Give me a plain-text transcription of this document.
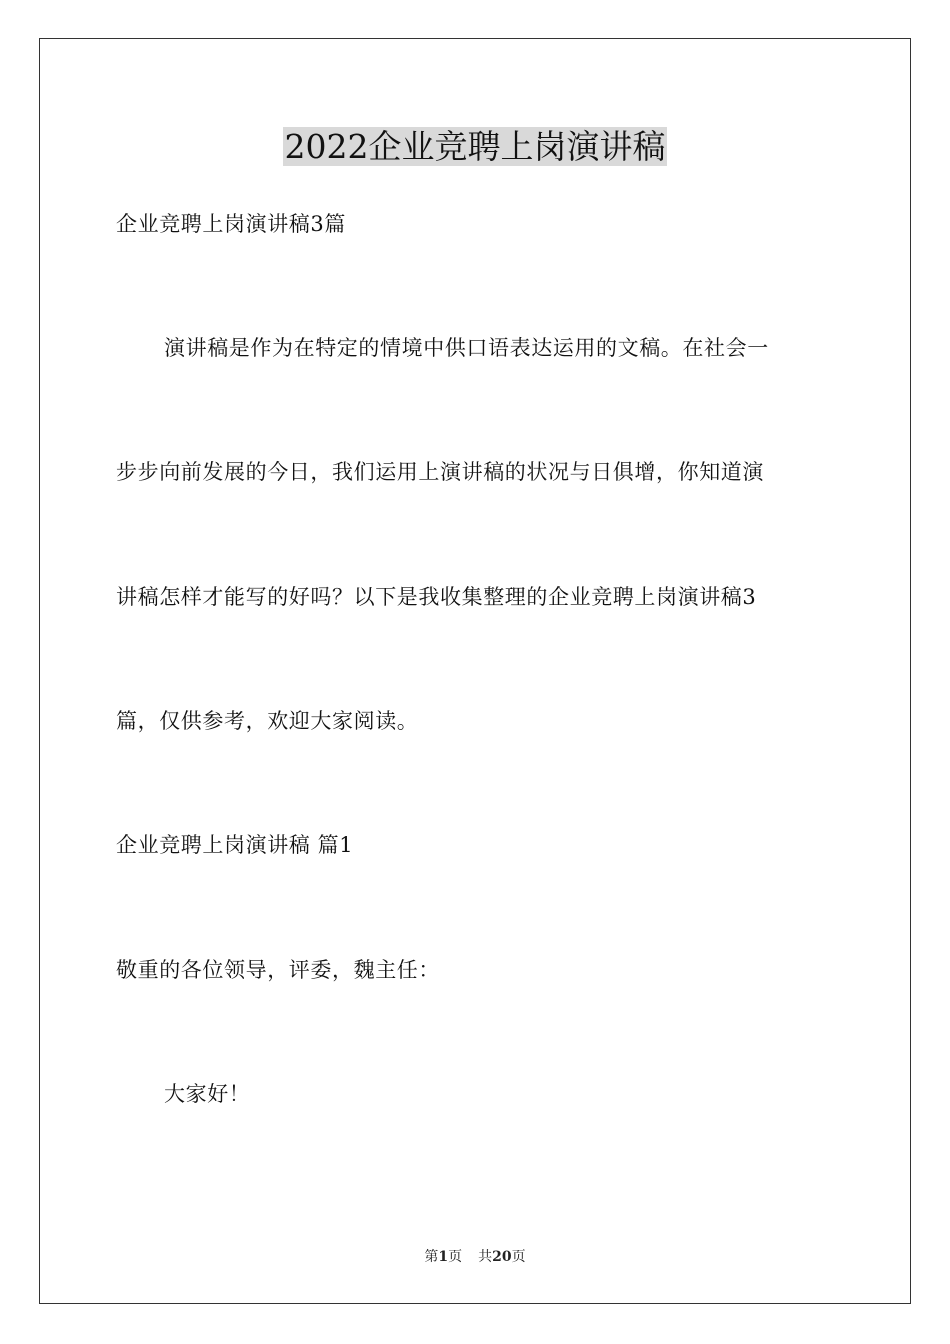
2022企业竞聘上岗演讲稿
企业竞聘上岗演讲稿3篇
演讲稿是作为在特定的情境中供口语表达运用的文稿。在社会一
步步向前发展的今日，我们运用上演讲稿的状况与日俱增，你知道演
讲稿怎样才能写的好吗？以下是我收集整理的企业竞聘上岗演讲稿3
篇，仅供参考，欢迎大家阅读。
企业竞聘上岗演讲稿 篇1
敬重的各位领导，评委，魏主任：
大家好！
第1页 共20页
